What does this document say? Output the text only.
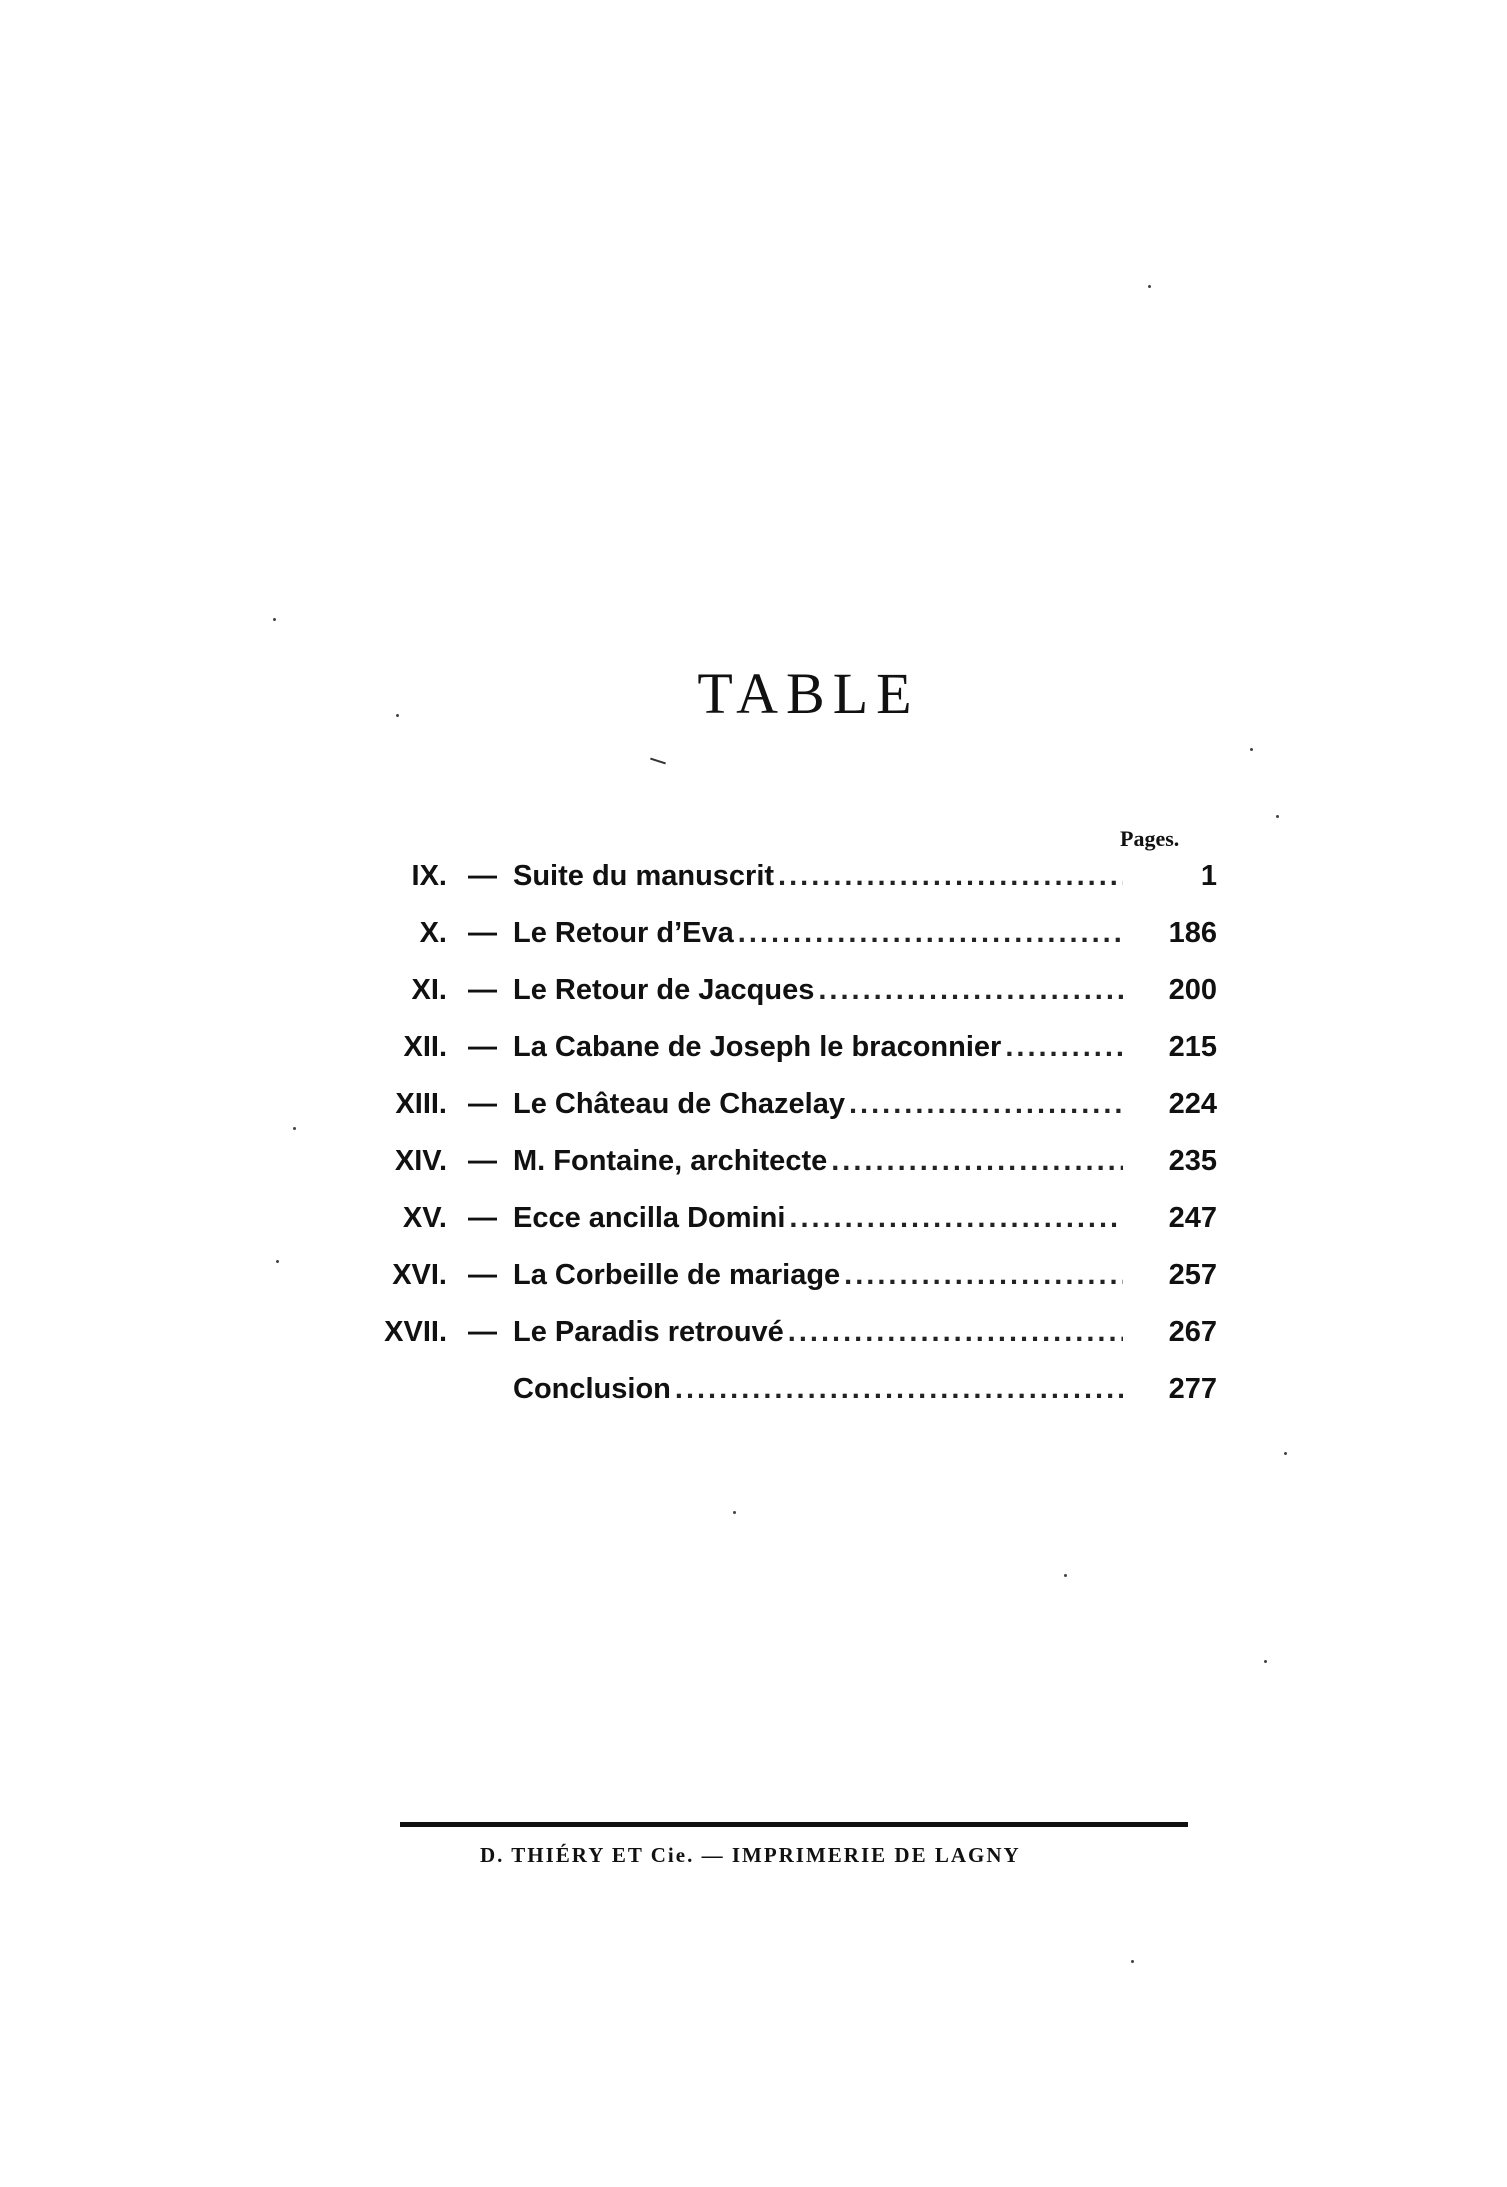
TABLE
Pages.
IX. — Suite du manuscrit .....	1
X. — Le Retour d’Eva .....	186
XI. — Le Retour de Jacques .....	200
XII. — La Cabane de Joseph le braconnier .....	215
XIII. — Le Château de Chazelay .....	224
XIV. — M. Fontaine, architecte .....	235
XV. — Ecce ancilla Domini .....	247
XVI. — La Corbeille de mariage .....	257
XVII. — Le Paradis retrouvé .....	267
Conclusion .....	277
D. THIÉRY ET Cie. — IMPRIMERIE DE LAGNY
